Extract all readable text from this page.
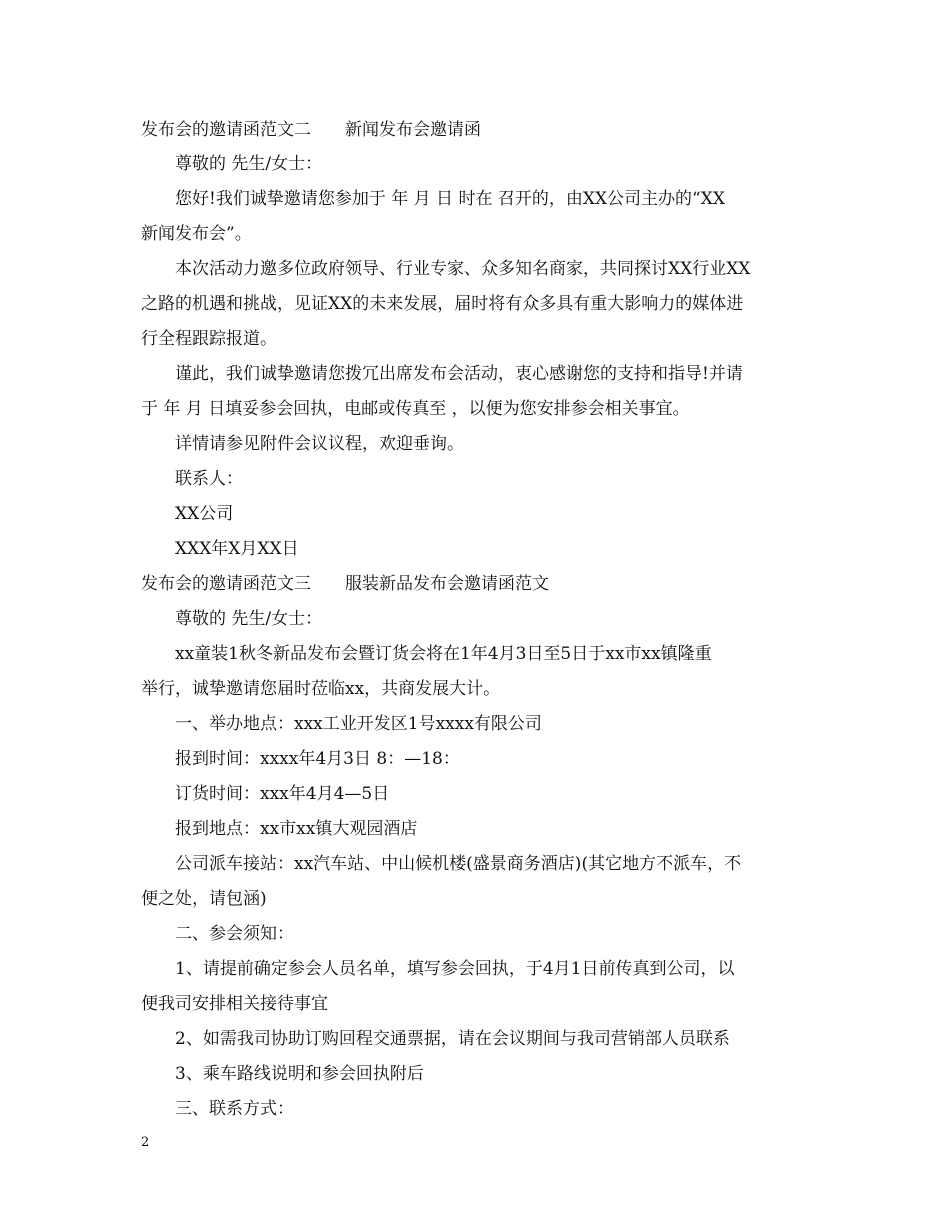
发布会的邀请函范文二　　新闻发布会邀请函
　　尊敬的 先生/女士：
　　您好!我们诚挚邀请您参加于 年 月 日 时在 召开的，由XX公司主办的“XX
新闻发布会”。
　　本次活动力邀多位政府领导、行业专家、众多知名商家，共同探讨XX行业XX
之路的机遇和挑战，见证XX的未来发展，届时将有众多具有重大影响力的媒体进
行全程跟踪报道。
　　谨此，我们诚挚邀请您拨冗出席发布会活动，衷心感谢您的支持和指导!并请
于 年 月 日填妥参会回执，电邮或传真至 ，以便为您安排参会相关事宜。
　　详情请参见附件会议议程，欢迎垂询。
　　联系人：
　　XX公司
　　XXX年X月XX日
发布会的邀请函范文三　　服装新品发布会邀请函范文
　　尊敬的 先生/女士：
　　xx童装1秋冬新品发布会暨订货会将在1年4月3日至5日于xx市xx镇隆重
举行，诚挚邀请您届时莅临xx，共商发展大计。
　　一、举办地点：xxx工业开发区1号xxxx有限公司
　　报到时间：xxxx年4月3日 8：—18：
　　订货时间：xxx年4月4—5日
　　报到地点：xx市xx镇大观园酒店
　　公司派车接站：xx汽车站、中山候机楼(盛景商务酒店)(其它地方不派车，不
便之处，请包涵)
　　二、参会须知：
　　1、请提前确定参会人员名单，填写参会回执，于4月1日前传真到公司，以
便我司安排相关接待事宜
　　2、如需我司协助订购回程交通票据，请在会议期间与我司营销部人员联系
　　3、乘车路线说明和参会回执附后
　　三、联系方式：
2
